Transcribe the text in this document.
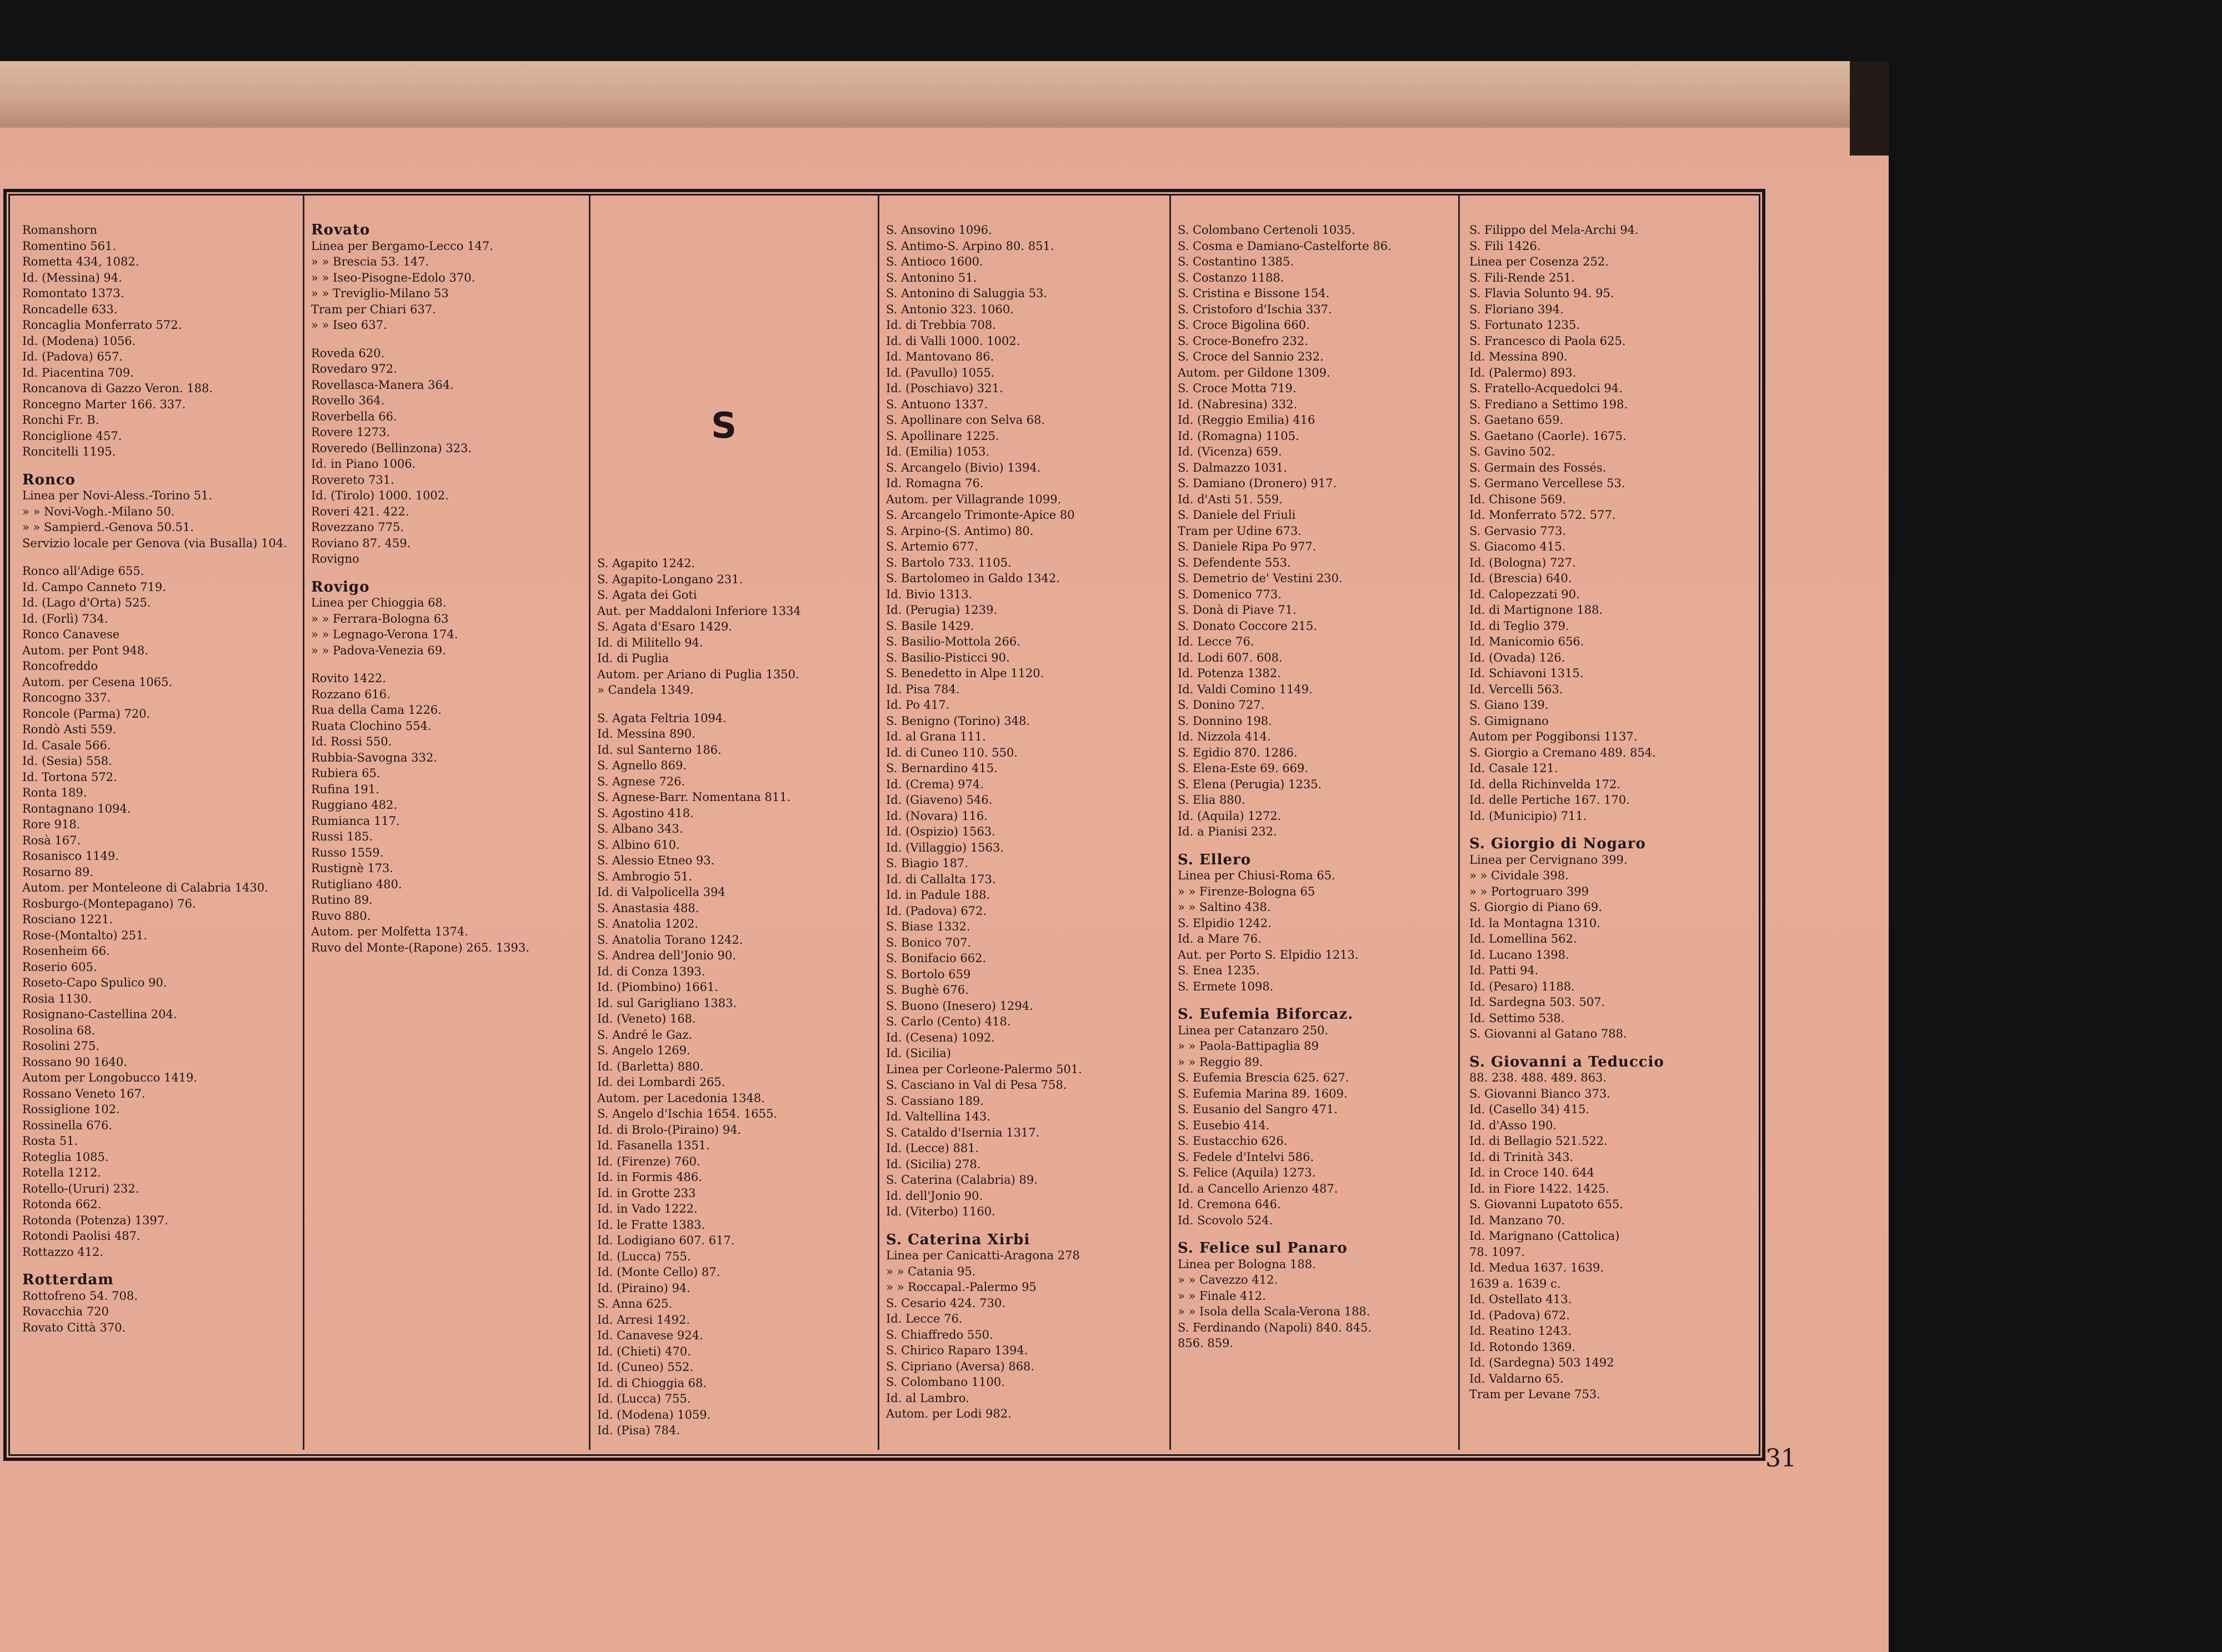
S
Romanshorn
Romentino 561.
Rometta 434, 1082.
Id. (Messina) 94.
Romontato 1373.
Roncadelle 633.
Roncaglia Monferrato 572.
Id. (Modena) 1056.
Id. (Padova) 657.
Id. Piacentina 709.
Roncanova di Gazzo Veron. 188.
Roncegno Marter 166. 337.
Ronchi Fr. B.
Ronciglione 457.
Roncitelli 1195.
Ronco
Linea per Novi-Aless.-Torino 51.
» » Novi-Vogh.-Milano 50.
» » Sampierd.-Genova 50.51.
Servizio locale per Genova (via Busalla) 104.
Ronco all'Adige 655.
Id. Campo Canneto 719.
Id. (Lago d'Orta) 525.
Id. (Forlì) 734.
Ronco Canavese
Autom. per Pont 948.
Roncofreddo
Autom. per Cesena 1065.
Roncogno 337.
Roncole (Parma) 720.
Rondò Asti 559.
Id. Casale 566.
Id. (Sesia) 558.
Id. Tortona 572.
Ronta 189.
Rontagnano 1094.
Rore 918.
Rosà 167.
Rosanisco 1149.
Rosarno 89.
Autom. per Monteleone di Calabria 1430.
Rosburgo-(Montepagano) 76.
Rosciano 1221.
Rose-(Montalto) 251.
Rosenheim 66.
Roserio 605.
Roseto-Capo Spulico 90.
Rosia 1130.
Rosignano-Castellina 204.
Rosolina 68.
Rosolini 275.
Rossano 90 1640.
Autom per Longobucco 1419.
Rossano Veneto 167.
Rossiglione 102.
Rossinella 676.
Rosta 51.
Roteglia 1085.
Rotella 1212.
Rotello-(Ururi) 232.
Rotonda 662.
Rotonda (Potenza) 1397.
Rotondi Paolisi 487.
Rottazzo 412.
Rotterdam
Rottofreno 54. 708.
Rovacchia 720
Rovato Città 370.
Rovato
Linea per Bergamo-Lecco 147.
» » Brescia 53. 147.
» » Iseo-Pisogne-Edolo 370.
» » Treviglio-Milano 53
Tram per Chiari 637.
» » Iseo 637.
Roveda 620.
Rovedaro 972.
Rovellasca-Manera 364.
Rovello 364.
Roverbella 66.
Rovere 1273.
Roveredo (Bellinzona) 323.
Id. in Piano 1006.
Rovereto 731.
Id. (Tirolo) 1000. 1002.
Roveri 421. 422.
Rovezzano 775.
Roviano 87. 459.
Rovigno
Rovigo
Linea per Chioggia 68.
» » Ferrara-Bologna 63
» » Legnago-Verona 174.
» » Padova-Venezia 69.
Rovito 1422.
Rozzano 616.
Rua della Cama 1226.
Ruata Clochino 554.
Id. Rossi 550.
Rubbia-Savogna 332.
Rubiera 65.
Rufina 191.
Ruggiano 482.
Rumianca 117.
Russi 185.
Russo 1559.
Rustignè 173.
Rutigliano 480.
Rutino 89.
Ruvo 880.
Autom. per Molfetta 1374.
Ruvo del Monte-(Rapone) 265. 1393.
S. Agapito 1242.
S. Agapito-Longano 231.
S. Agata dei Goti
Aut. per Maddaloni Inferiore 1334
S. Agata d'Esaro 1429.
Id. di Militello 94.
Id. di Puglia
Autom. per Ariano di Puglia 1350.
» Candela 1349.
S. Agata Feltria 1094.
Id. Messina 890.
Id. sul Santerno 186.
S. Agnello 869.
S. Agnese 726.
S. Agnese-Barr. Nomentana 811.
S. Agostino 418.
S. Albano 343.
S. Albino 610.
S. Alessio Etneo 93.
S. Ambrogio 51.
Id. di Valpolicella 394
S. Anastasia 488.
S. Anatolia 1202.
S. Anatolia Torano 1242.
S. Andrea dell'Jonio 90.
Id. di Conza 1393.
Id. (Piombino) 1661.
Id. sul Garigliano 1383.
Id. (Veneto) 168.
S. André le Gaz.
S. Angelo 1269.
Id. (Barletta) 880.
Id. dei Lombardi 265.
Autom. per Lacedonia 1348.
S. Angelo d'Ischia 1654. 1655.
Id. di Brolo-(Piraino) 94.
Id. Fasanella 1351.
Id. (Firenze) 760.
Id. in Formis 486.
Id. in Grotte 233
Id. in Vado 1222.
Id. le Fratte 1383.
Id. Lodigiano 607. 617.
Id. (Lucca) 755.
Id. (Monte Cello) 87.
Id. (Piraino) 94.
S. Anna 625.
Id. Arresi 1492.
Id. Canavese 924.
Id. (Chieti) 470.
Id. (Cuneo) 552.
Id. di Chioggia 68.
Id. (Lucca) 755.
Id. (Modena) 1059.
Id. (Pisa) 784.
S. Ansovino 1096.
S. Antimo-S. Arpino 80. 851.
S. Antioco 1600.
S. Antonino 51.
S. Antonino di Saluggia 53.
S. Antonio 323. 1060.
Id. di Trebbia 708.
Id. di Valli 1000. 1002.
Id. Mantovano 86.
Id. (Pavullo) 1055.
Id. (Poschiavo) 321.
S. Antuono 1337.
S. Apollinare con Selva 68.
S. Apollinare 1225.
Id. (Emilia) 1053.
S. Arcangelo (Bivio) 1394.
Id. Romagna 76.
Autom. per Villagrande 1099.
S. Arcangelo Trimonte-Apice 80
S. Arpino-(S. Antimo) 80.
S. Artemio 677.
S. Bartolo 733. 1105.
S. Bartolomeo in Galdo 1342.
Id. Bivio 1313.
Id. (Perugia) 1239.
S. Basile 1429.
S. Basilio-Mottola 266.
S. Basilio-Pisticci 90.
S. Benedetto in Alpe 1120.
Id. Pisa 784.
Id. Po 417.
S. Benigno (Torino) 348.
Id. al Grana 111.
Id. di Cuneo 110. 550.
S. Bernardino 415.
Id. (Crema) 974.
Id. (Giaveno) 546.
Id. (Novara) 116.
Id. (Ospizio) 1563.
Id. (Villaggio) 1563.
S. Biagio 187.
Id. di Callalta 173.
Id. in Padule 188.
Id. (Padova) 672.
S. Biase 1332.
S. Bonico 707.
S. Bonifacio 662.
S. Bortolo 659
S. Bughè 676.
S. Buono (Inesero) 1294.
S. Carlo (Cento) 418.
Id. (Cesena) 1092.
Id. (Sicilia)
Linea per Corleone-Palermo 501.
S. Casciano in Val di Pesa 758.
S. Cassiano 189.
Id. Valtellina 143.
S. Cataldo d'Isernia 1317.
Id. (Lecce) 881.
Id. (Sicilia) 278.
S. Caterina (Calabria) 89.
Id. dell'Jonio 90.
Id. (Viterbo) 1160.
S. Caterina Xirbi
Linea per Canicatti-Aragona 278
» » Catania 95.
» » Roccapal.-Palermo 95
S. Cesario 424. 730.
Id. Lecce 76.
S. Chiaffredo 550.
S. Chirico Raparo 1394.
S. Cipriano (Aversa) 868.
S. Colombano 1100.
Id. al Lambro.
Autom. per Lodi 982.
S. Colombano Certenoli 1035.
S. Cosma e Damiano-Castelforte 86.
S. Costantino 1385.
S. Costanzo 1188.
S. Cristina e Bissone 154.
S. Cristoforo d'Ischia 337.
S. Croce Bigolina 660.
S. Croce-Bonefro 232.
S. Croce del Sannio 232.
Autom. per Gildone 1309.
S. Croce Motta 719.
Id. (Nabresina) 332.
Id. (Reggio Emilia) 416
Id. (Romagna) 1105.
Id. (Vicenza) 659.
S. Dalmazzo 1031.
S. Damiano (Dronero) 917.
Id. d'Asti 51. 559.
S. Daniele del Friuli
Tram per Udine 673.
S. Daniele Ripa Po 977.
S. Defendente 553.
S. Demetrio de' Vestini 230.
S. Domenico 773.
S. Donà di Piave 71.
S. Donato Coccore 215.
Id. Lecce 76.
Id. Lodi 607. 608.
Id. Potenza 1382.
Id. Valdi Comino 1149.
S. Donino 727.
S. Donnino 198.
Id. Nizzola 414.
S. Egidio 870. 1286.
S. Elena-Este 69. 669.
S. Elena (Perugia) 1235.
S. Elia 880.
Id. (Aquila) 1272.
Id. a Pianisi 232.
S. Ellero
Linea per Chiusi-Roma 65.
» » Firenze-Bologna 65
» » Saltino 438.
S. Elpidio 1242.
Id. a Mare 76.
Aut. per Porto S. Elpidio 1213.
S. Enea 1235.
S. Ermete 1098.
S. Eufemia Biforcaz.
Linea per Catanzaro 250.
» » Paola-Battipaglia 89
» » Reggio 89.
S. Eufemia Brescia 625. 627.
S. Eufemia Marina 89. 1609.
S. Eusanio del Sangro 471.
S. Eusebio 414.
S. Eustacchio 626.
S. Fedele d'Intelvi 586.
S. Felice (Aquila) 1273.
Id. a Cancello Arienzo 487.
Id. Cremona 646.
Id. Scovolo 524.
S. Felice sul Panaro
Linea per Bologna 188.
» » Cavezzo 412.
» » Finale 412.
» » Isola della Scala-Verona 188.
S. Ferdinando (Napoli) 840. 845.
856. 859.
S. Filippo del Mela-Archi 94.
S. Fili 1426.
Linea per Cosenza 252.
S. Fili-Rende 251.
S. Flavia Solunto 94. 95.
S. Floriano 394.
S. Fortunato 1235.
S. Francesco di Paola 625.
Id. Messina 890.
Id. (Palermo) 893.
S. Fratello-Acquedolci 94.
S. Frediano a Settimo 198.
S. Gaetano 659.
S. Gaetano (Caorle). 1675.
S. Gavino 502.
S. Germain des Fossés.
S. Germano Vercellese 53.
Id. Chisone 569.
Id. Monferrato 572. 577.
S. Gervasio 773.
S. Giacomo 415.
Id. (Bologna) 727.
Id. (Brescia) 640.
Id. Calopezzati 90.
Id. di Martignone 188.
Id. di Teglio 379.
Id. Manicomio 656.
Id. (Ovada) 126.
Id. Schiavoni 1315.
Id. Vercelli 563.
S. Giano 139.
S. Gimignano
Autom per Poggibonsi 1137.
S. Giorgio a Cremano 489. 854.
Id. Casale 121.
Id. della Richinvelda 172.
Id. delle Pertiche 167. 170.
Id. (Municipio) 711.
S. Giorgio di Nogaro
Linea per Cervignano 399.
» » Cividale 398.
» » Portogruaro 399
S. Giorgio di Piano 69.
Id. la Montagna 1310.
Id. Lomellina 562.
Id. Lucano 1398.
Id. Patti 94.
Id. (Pesaro) 1188.
Id. Sardegna 503. 507.
Id. Settimo 538.
S. Giovanni al Gatano 788.
S. Giovanni a Teduccio
88. 238. 488. 489. 863.
S. Giovanni Bianco 373.
Id. (Casello 34) 415.
Id. d'Asso 190.
Id. di Bellagio 521.522.
Id. di Trinità 343.
Id. in Croce 140. 644
Id. in Fiore 1422. 1425.
S. Giovanni Lupatoto 655.
Id. Manzano 70.
Id. Marignano (Cattolica)
78. 1097.
Id. Medua 1637. 1639.
1639 a. 1639 c.
Id. Ostellato 413.
Id. (Padova) 672.
Id. Reatino 1243.
Id. Rotondo 1369.
Id. (Sardegna) 503 1492
Id. Valdarno 65.
Tram per Levane 753.
31
